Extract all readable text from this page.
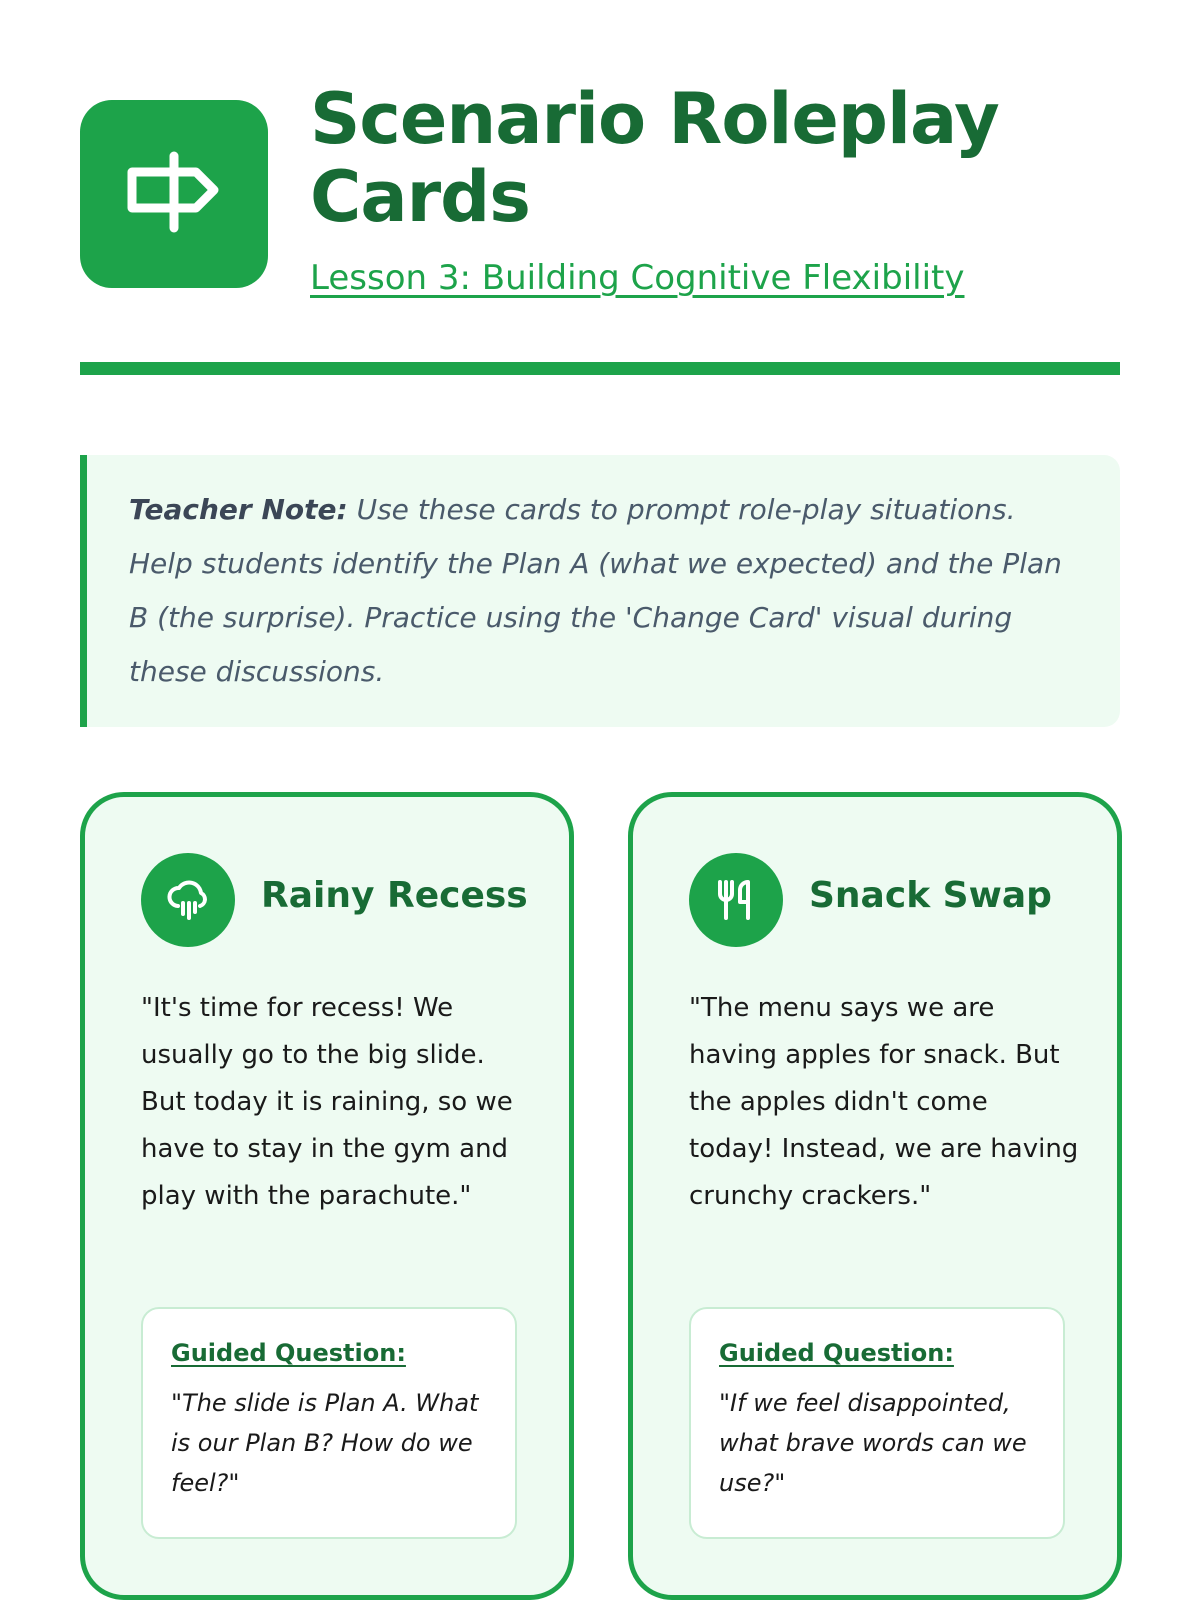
Scenario Roleplay Cards
Lesson 3: Building Cognitive Flexibility

Teacher Note: Use these cards to prompt role-play situations. Help students identify the Plan A (what we expected) and the Plan B (the surprise). Practice using the 'Change Card' visual during these discussions.

Rainy Recess
"It's time for recess! We usually go to the big slide. But today it is raining, so we have to stay in the gym and play with the parachute."
Guided Question:
"The slide is Plan A. What is our Plan B? How do we feel?"
Snack Swap
"The menu says we are having apples for snack. But the apples didn't come today! Instead, we are having crunchy crackers."
Guided Question:
"If we feel disappointed, what brave words can we use?"
